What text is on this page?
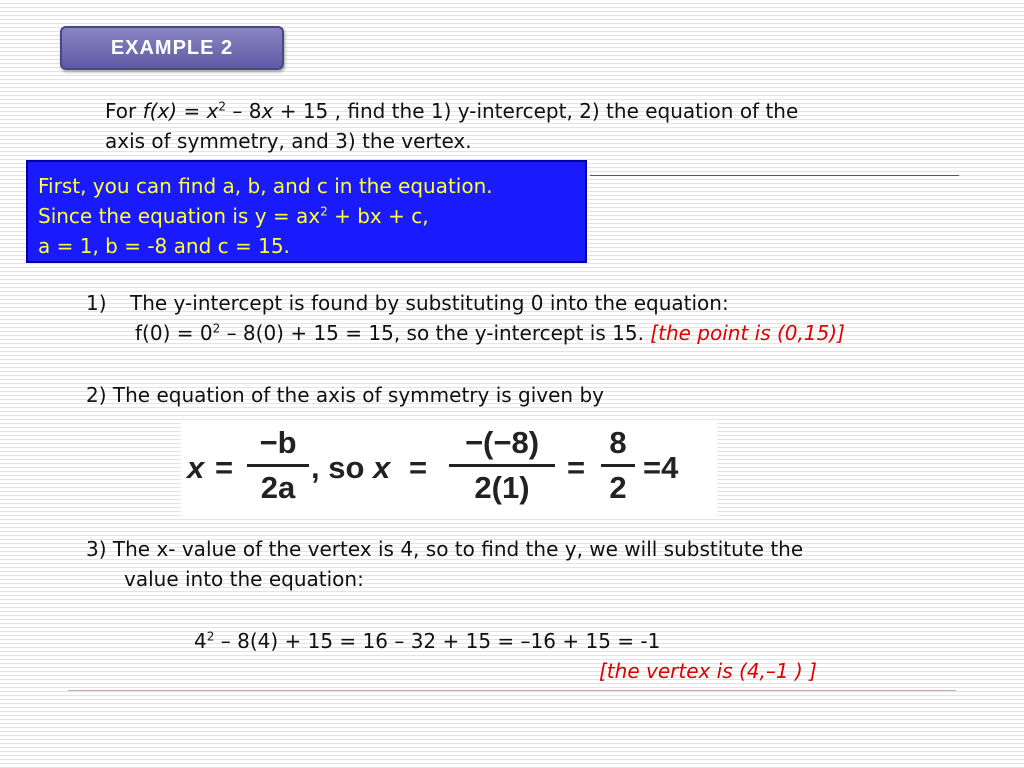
EXAMPLE 2
For $f(x) = x^2 - 8x + 15$ , find the 1) y-intercept, 2) the equation of the
axis of symmetry, and 3) the vertex.
First, you can find a, b, and c in the equation.
Since the equation is $y = ax^2$ + bx + c,
a = 1, b = -8 and c = 15.
1) The y-intercept is found by substituting 0 into the equation:
$f(0) = 0^2 - 8(0) + 15 = 15$, so the y-intercept is 15. [the point is (0,15)]
2) The equation of the axis of symmetry is given by
x =
−b
2a
, so x =
−(−8)
2(1)
=
8
2
=4
3) The x- value of the vertex is 4, so to find the y, we will substitute the
value into the equation:
$4^2 - 8(4) + 15 = 16 - 32 + 15 = -16 + 15 = -1$
[the vertex is (4,–1 ) ]
